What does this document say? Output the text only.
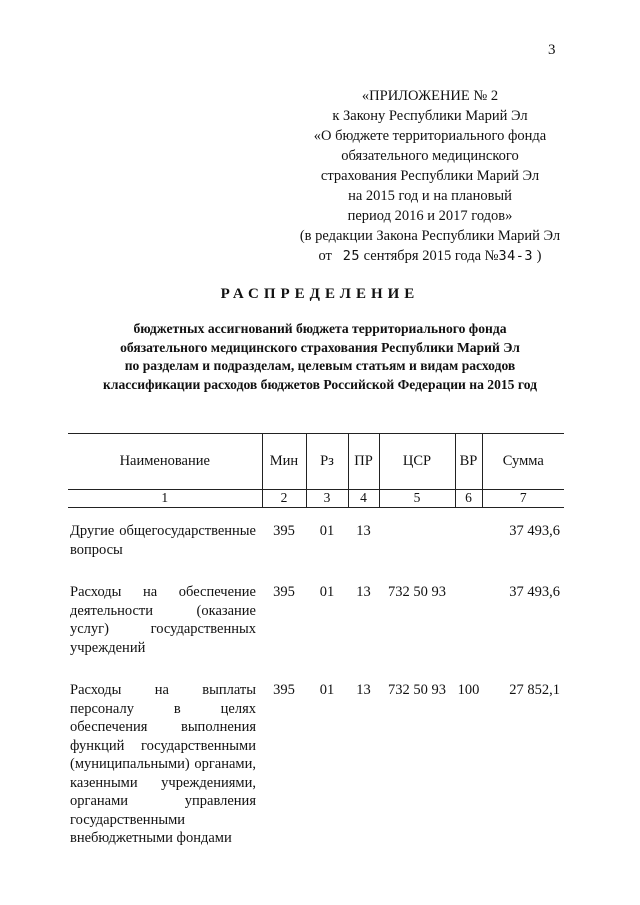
3
«ПРИЛОЖЕНИЕ № 2
к Закону Республики Марий Эл
«О бюджете территориального фонда
обязательного медицинского
страхования Республики Марий Эл
на 2015 год и на плановый
период 2016 и 2017 годов»
(в редакции Закона Республики Марий Эл
от 25 сентября 2015 года №34-З )
РАСПРЕДЕЛЕНИЕ
бюджетных ассигнований бюджета территориального фонда
обязательного медицинского страхования Республики Марий Эл
по разделам и подразделам, целевым статьям и видам расходов
классификации расходов бюджетов Российской Федерации на 2015 год
Наименование	Мин	Рз	ПР	ЦСР	ВР	Сумма
1	2	3	4	5	6	7
Другие общегосударственные вопросы	395	01	13			37 493,6
Расходы на обеспечение деятельности (оказание услуг) государственных учреждений	395	01	13	732 50 93		37 493,6
Расходы на выплаты персоналу в целях обеспечения выполнения функций государственными (муниципальными) органами, казенными учреждениями, органами управления государственными внебюджетными фондами	395	01	13	732 50 93	100	27 852,1
